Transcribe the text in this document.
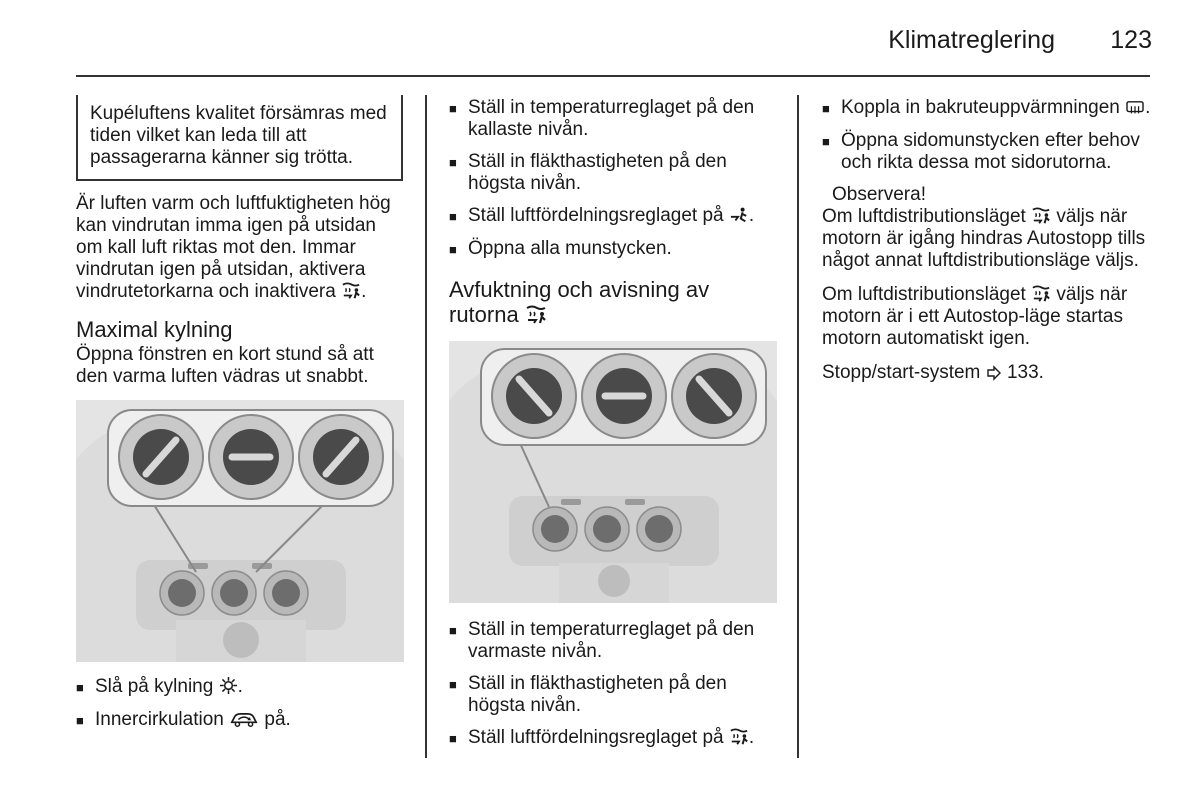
Klimatreglering 123

Kupéluftens kvalitet försämras med tiden vilket kan leda till att passagerarna känner sig trötta.

Är luften varm och luftfuktigheten hög kan vindrutan imma igen på utsidan om kall luft riktas mot den. Immar vindrutan igen på utsidan, aktivera vindrutetorkarna och inaktivera .

Maximal kylning

Öppna fönstren en kort stund så att den varma luften vädras ut snabbt.

■ Slå på kylning .
■ Innercirkulation på.
■ Ställ in temperaturreglaget på den kallaste nivån.
■ Ställ in fläkthastigheten på den högsta nivån.
■ Ställ luftfördelningsreglaget på .
■ Öppna alla munstycken.
Avfuktning och avisning av rutorna
■ Ställ in temperaturreglaget på den varmaste nivån.
■ Ställ in fläkthastigheten på den högsta nivån.
■ Ställ luftfördelningsreglaget på .
■ Koppla in bakruteuppvärmningen .
■ Öppna sidomunstycken efter behov och rikta dessa mot sidorutorna.
Observera!

Om luftdistributionsläget väljs när motorn är igång hindras Autostopp tills något annat luftdistributionsläge väljs.

Om luftdistributionsläget väljs när motorn är i ett Autostop-läge startas motorn automatiskt igen.

Stopp/start-system 133.
